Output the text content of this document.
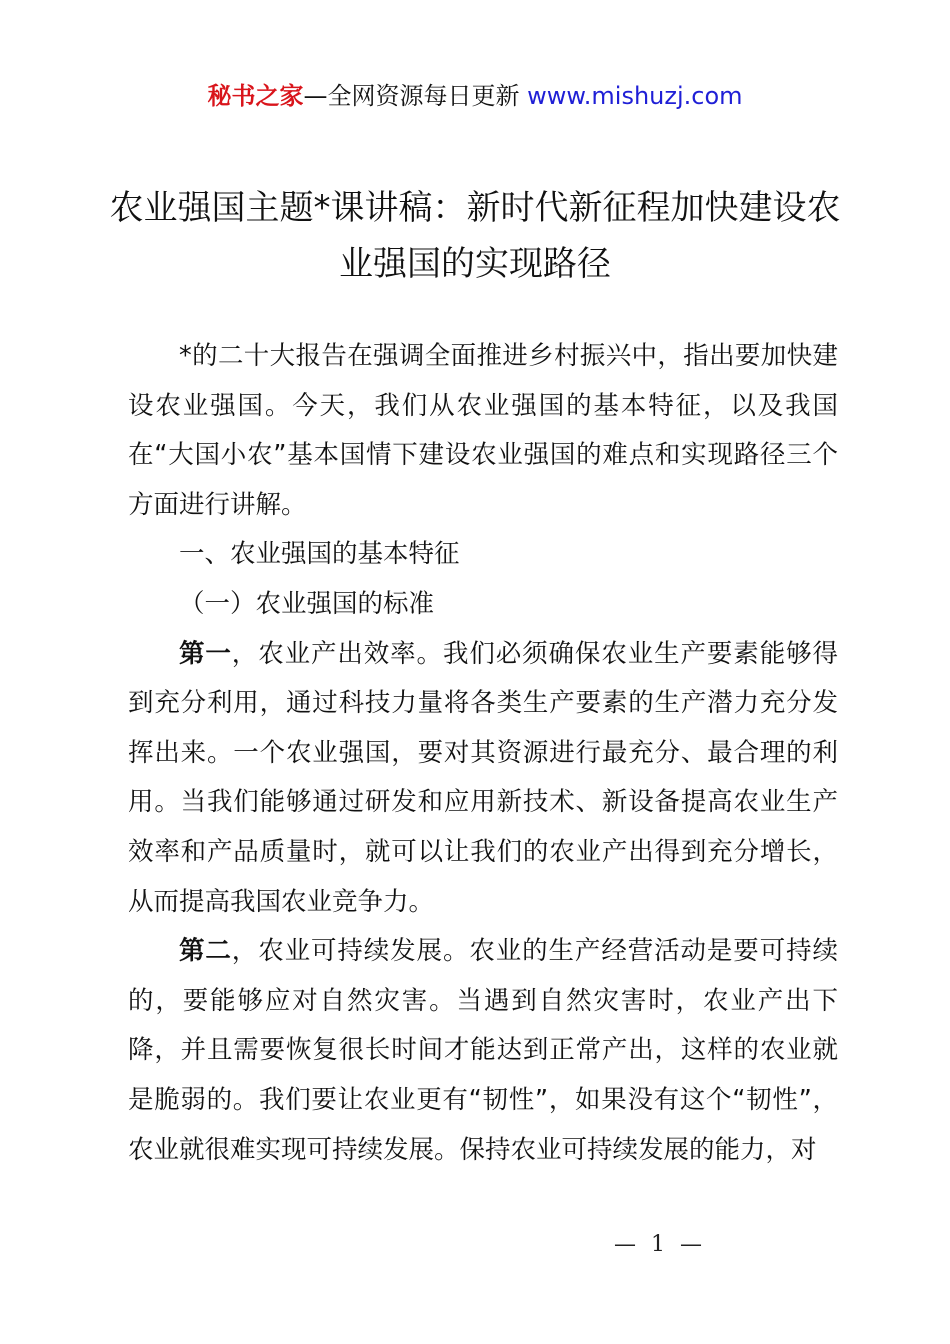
秘书之家—全网资源每日更新 www.mishuzj.com
农业强国主题*课讲稿：新时代新征程加快建设农业强国的实现路径

*的二十大报告在强调全面推进乡村振兴中，指出要加快建设农业强国。今天，我们从农业强国的基本特征，以及我国在“大国小农”基本国情下建设农业强国的难点和实现路径三个方面进行讲解。

一、农业强国的基本特征

（一）农业强国的标准

第一，农业产出效率。我们必须确保农业生产要素能够得到充分利用，通过科技力量将各类生产要素的生产潜力充分发挥出来。一个农业强国，要对其资源进行最充分、最合理的利用。当我们能够通过研发和应用新技术、新设备提高农业生产效率和产品质量时，就可以让我们的农业产出得到充分增长，从而提高我国农业竞争力。

第二，农业可持续发展。农业的生产经营活动是要可持续的，要能够应对自然灾害。当遇到自然灾害时，农业产出下降，并且需要恢复很长时间才能达到正常产出，这样的农业就是脆弱的。我们要让农业更有“韧性”，如果没有这个“韧性”，农业就很难实现可持续发展。保持农业可持续发展的能力，对

— 1 —
